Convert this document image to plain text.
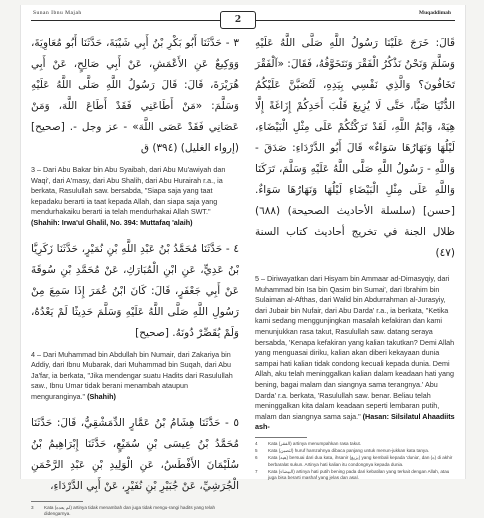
Sunan Ibnu Majah	Muqaddimah
2

٣ - حَدَّثَنَا أَبُو بَكْرِ بْنُ أَبِي شَيْبَةَ، حَدَّثَنَا أَبُو مُعَاوِيَةَ، وَوَكِيعٌ عَنِ الأَعْمَشِ، عَنْ أَبِي صَالِحٍ، عَنْ أَبِي هُرَيْرَةَ، قَالَ: قَالَ رَسُولُ اللَّهِ صَلَّى اللَّهُ عَلَيْهِ وَسَلَّمَ: «مَنْ أَطَاعَنِي فَقَدْ أَطَاعَ اللَّهَ، وَمَنْ عَصَانِي فَقَدْ عَصَى اللَّهَ» - عز وجل -. [صحيح] (إرواء الغليل) (٣٩٤) ق

3 – Dari Abu Bakar bin Abu Syaibah, dari Abu Mu'awiyah dan Waqi', dari A'masy, dari Abu Shalih, dari Abu Hurairah r.a., ia berkata, Rasulullah saw. bersabda, "Siapa saja yang taat kepadaku berarti ia taat kepada Allah, dan siapa saja yang mendurhakaiku berarti ia telah mendurhakai Allah SWT." (Shahih: Irwa'ul Ghalil, No. 394: Muttafaq 'alaih)

٤ - حَدَّثَنَا مُحَمَّدُ بْنُ عَبْدِ اللَّهِ بْنِ نُمَيْرٍ، حَدَّثَنَا زَكَرِيَّا بْنُ عَدِيٍّ، عَنِ ابْنِ الْمُبَارَكِ، عَنْ مُحَمَّدِ بْنِ سُوقَةَ عَنْ أَبِي جَعْفَرٍ، قَالَ: كَانَ ابْنُ عُمَرَ إِذَا سَمِعَ مِنْ رَسُولِ اللَّهِ صَلَّى اللَّهُ عَلَيْهِ وَسَلَّمَ حَدِيثًا لَمْ يَعْدُهُ، وَلَمْ يُقَصِّرْ دُونَهُ. [صحيح]

4 – Dari Muhammad bin Abdullah bin Numair, dari Zakariya bin Addiy, dari Ibnu Mubarak, dari Muhammad bin Suqah, dari Abu Ja'far, ia berkata, "Jika mendengar suatu Hadits dari Rasulullah saw., Ibnu Umar tidak berani menambah ataupun menguranginya." (Shahih)

٥ - حَدَّثَنَا هِشَامُ بْنُ عَمَّارٍ الدِّمَشْقِيُّ، قَالَ: حَدَّثَنَا مُحَمَّدُ بْنُ عِيسَى بْنِ سُمَيْعٍ، حَدَّثَنَا إِبْرَاهِيمُ بْنُ سُلَيْمَانَ الأَفْطَسُ، عَنِ الْوَلِيدِ بْنِ عَبْدِ الرَّحْمَنِ الْجُرَشِيِّ، عَنْ جُبَيْرِ بْنِ نُفَيْرٍ، عَنْ أَبِي الدَّرْدَاءِ،

3	Kata (لم يعده) artinya tidak menambah dan juga tidak mengu-rangi hadits yang telah didengarnya.

قَالَ: خَرَجَ عَلَيْنَا رَسُولُ اللَّهِ صَلَّى اللَّهُ عَلَيْهِ وَسَلَّمَ وَنَحْنُ نَذْكُرُ الْفَقْرَ وَنَتَخَوَّفُهُ، فَقَالَ: «آلْفَقْرَ تَخَافُونَ؟ وَالَّذِي نَفْسِي بِيَدِهِ، لَتُصَبَّنَّ عَلَيْكُمُ الدُّنْيَا صَبًّا، حَتَّى لَا يُزِيغَ قَلْبَ أَحَدِكُمْ إِزَاغَةً إِلَّا هِيَهْ، وَايْمُ اللَّهِ، لَقَدْ تَرَكْتُكُمْ عَلَى مِثْلِ الْبَيْضَاءِ، لَيْلُهَا وَنَهَارُهَا سَوَاءٌ» قَالَ أَبُو الدَّرْدَاءِ: صَدَقَ - وَاللَّهِ - رَسُولُ اللَّهِ صَلَّى اللَّهُ عَلَيْهِ وَسَلَّمَ، تَرَكَنَا وَاللَّهِ عَلَى مِثْلِ الْبَيْضَاءِ لَيْلُهَا وَنَهَارُهَا سَوَاءٌ. [حسن] (سلسلة الأحاديث الصحيحة) (٦٨٨) ظلال الجنة في تخريج أحاديث كتاب السنة (٤٧)

5 – Diriwayatkan dari Hisyam bin Ammaar ad-Dimasyqiy, dari Muhammad bin Isa bin Qasim bin Sumai', dari Ibrahim bin Sulaiman al-Afthas, dari Walid bin Abdurrahman al-Jurasyiy, dari Jubair bin Nufair, dari Abu Darda' r.a., ia berkata, "Ketika kami sedang menggunjingkan masalah kefakiran dan kami menunjukkan rasa takut, Rasulullah saw. datang seraya bersabda, 'Kenapa kefakiran yang kalian takutkan? Demi Allah yang menguasai diriku, kalian akan diberi kekayaan dunia sampai hati kalian tidak condong kecuali kepada dunia. Demi Allah, aku telah meninggalkan kalian dalam keadaan hati yang bening, bagai malam dan siangnya sama terangnya.' Abu Darda' r.a. berkata, 'Rasulullah saw. benar. Beliau telah meninggalkan kita dalam keadaan seperti lembaran putih, malam dan siangnya sama saja." (Hasan: Silsilatul Ahaadiits ash-

4	Kata (الفقر) artinya menumpahkan rasa takut.
5	Kata (لتصبن) huruf hamzahnya dibaca panjang untuk menun-jukkan kata tanya.
6	Kata (هيه) bersuai dari dua kata, ihsanir (يزيغ) yang kembali kepada 'dunia', dan (ه) di akhir berbaralat sukun. Artinya hati kalian itu condongnya kepada dunia.
7	Kata (البيضاء) artinya hati putih bening pada dari kebatilan yang terkait dengan Allah, atau juga bisa berarti mashaf yang jelas dan asal.
